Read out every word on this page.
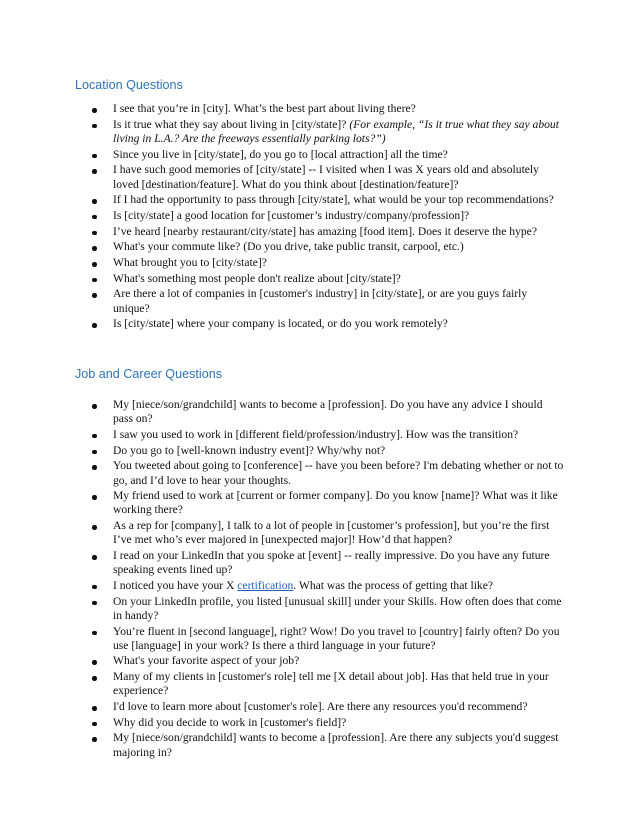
Location Questions
I see that you’re in [city]. What’s the best part about living there?
Is it true what they say about living in [city/state]? (For example, “Is it true what they say about living in L.A.? Are the freeways essentially parking lots?”)
Since you live in [city/state], do you go to [local attraction] all the time?
I have such good memories of [city/state] -- I visited when I was X years old and absolutely loved [destination/feature]. What do you think about [destination/feature]?
If I had the opportunity to pass through [city/state], what would be your top recommendations?
Is [city/state] a good location for [customer’s industry/company/profession]?
I’ve heard [nearby restaurant/city/state] has amazing [food item]. Does it deserve the hype?
What's your commute like? (Do you drive, take public transit, carpool, etc.)
What brought you to [city/state]?
What's something most people don't realize about [city/state]?
Are there a lot of companies in [customer's industry] in [city/state], or are you guys fairly unique?
Is [city/state] where your company is located, or do you work remotely?
Job and Career Questions
My [niece/son/grandchild] wants to become a [profession]. Do you have any advice I should pass on?
I saw you used to work in [different field/profession/industry]. How was the transition?
Do you go to [well-known industry event]? Why/why not?
You tweeted about going to [conference] -- have you been before? I'm debating whether or not to go, and I’d love to hear your thoughts.
My friend used to work at [current or former company]. Do you know [name]? What was it like working there?
As a rep for [company], I talk to a lot of people in [customer’s profession], but you’re the first I’ve met who’s ever majored in [unexpected major]! How’d that happen?
I read on your LinkedIn that you spoke at [event] -- really impressive. Do you have any future speaking events lined up?
I noticed you have your X certification. What was the process of getting that like?
On your LinkedIn profile, you listed [unusual skill] under your Skills. How often does that come in handy?
You’re fluent in [second language], right? Wow! Do you travel to [country] fairly often? Do you use [language] in your work? Is there a third language in your future?
What's your favorite aspect of your job?
Many of my clients in [customer's role] tell me [X detail about job]. Has that held true in your experience?
I'd love to learn more about [customer's role]. Are there any resources you'd recommend?
Why did you decide to work in [customer's field]?
My [niece/son/grandchild] wants to become a [profession]. Are there any subjects you'd suggest majoring in?
